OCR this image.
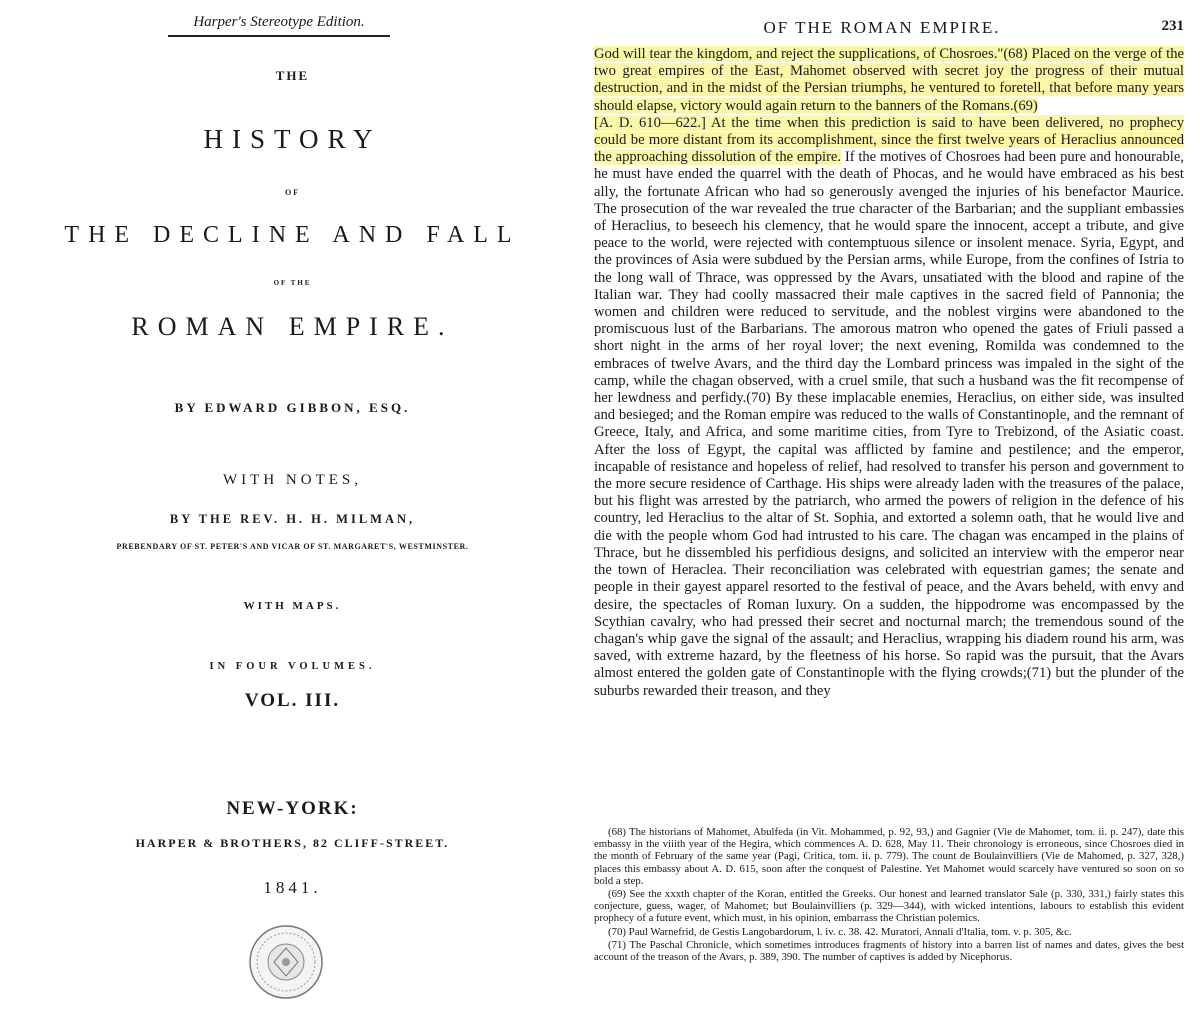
Harper's Stereotype Edition.
THE
HISTORY
OF
THE DECLINE AND FALL
OF THE
ROMAN EMPIRE.
BY EDWARD GIBBON, ESQ.
WITH NOTES,
BY THE REV. H. H. MILMAN,
PREBENDARY OF ST. PETER'S AND VICAR OF ST. MARGARET'S, WESTMINSTER.
WITH MAPS.
IN FOUR VOLUMES.
VOL. III.
NEW-YORK:
HARPER & BROTHERS, 82 CLIFF-STREET.
1841.
OF THE ROMAN EMPIRE.	231

God will tear the kingdom, and reject the supplications, of Chosroes."(68) Placed on the verge of the two great empires of the East, Mahomet observed with secret joy the progress of their mutual destruction, and in the midst of the Persian triumphs, he ventured to foretell, that before many years should elapse, victory would again return to the banners of the Romans.(69)

[A. D. 610—622.] At the time when this prediction is said to have been delivered, no prophecy could be more distant from its accomplishment, since the first twelve years of Heraclius announced the approaching dissolution of the empire. If the motives of Chosroes had been pure and honourable, he must have ended the quarrel with the death of Phocas, and he would have embraced as his best ally, the fortunate African who had so generously avenged the injuries of his benefactor Maurice. The prosecution of the war revealed the true character of the Barbarian; and the suppliant embassies of Heraclius, to beseech his clemency, that he would spare the innocent, accept a tribute, and give peace to the world, were rejected with contemptuous silence or insolent menace. Syria, Egypt, and the provinces of Asia were subdued by the Persian arms, while Europe, from the confines of Istria to the long wall of Thrace, was oppressed by the Avars, unsatiated with the blood and rapine of the Italian war. They had coolly massacred their male captives in the sacred field of Pannonia; the women and children were reduced to servitude, and the noblest virgins were abandoned to the promiscuous lust of the Barbarians. The amorous matron who opened the gates of Friuli passed a short night in the arms of her royal lover; the next evening, Romilda was condemned to the embraces of twelve Avars, and the third day the Lombard princess was impaled in the sight of the camp, while the chagan observed, with a cruel smile, that such a husband was the fit recompense of her lewdness and perfidy.(70) By these implacable enemies, Heraclius, on either side, was insulted and besieged; and the Roman empire was reduced to the walls of Constantinople, and the remnant of Greece, Italy, and Africa, and some maritime cities, from Tyre to Trebizond, of the Asiatic coast. After the loss of Egypt, the capital was afflicted by famine and pestilence; and the emperor, incapable of resistance and hopeless of relief, had resolved to transfer his person and government to the more secure residence of Carthage. His ships were already laden with the treasures of the palace, but his flight was arrested by the patriarch, who armed the powers of religion in the defence of his country, led Heraclius to the altar of St. Sophia, and extorted a solemn oath, that he would live and die with the people whom God had intrusted to his care. The chagan was encamped in the plains of Thrace, but he dissembled his perfidious designs, and solicited an interview with the emperor near the town of Heraclea. Their reconciliation was celebrated with equestrian games; the senate and people in their gayest apparel resorted to the festival of peace, and the Avars beheld, with envy and desire, the spectacles of Roman luxury. On a sudden, the hippodrome was encompassed by the Scythian cavalry, who had pressed their secret and nocturnal march; the tremendous sound of the chagan's whip gave the signal of the assault; and Heraclius, wrapping his diadem round his arm, was saved, with extreme hazard, by the fleetness of his horse. So rapid was the pursuit, that the Avars almost entered the golden gate of Constantinople with the flying crowds;(71) but the plunder of the suburbs rewarded their treason, and they

(68) The historians of Mahomet, Abulfeda (in Vit. Mohammed, p. 92, 93,) and Gagnier (Vie de Mahomet, tom. ii. p. 247), date this embassy in the viiith year of the Hegira, which commences A. D. 628, May 11. Their chronology is erroneous, since Chosroes died in the month of February of the same year (Pagi, Critica, tom. ii. p. 779). The count de Boulainvilliers (Vie de Mahomed, p. 327, 328,) places this embassy about A. D. 615, soon after the conquest of Palestine. Yet Mahomet would scarcely have ventured so soon on so bold a step.

(69) See the xxxth chapter of the Koran, entitled the Greeks. Our honest and learned translator Sale (p. 330, 331,) fairly states this conjecture, guess, wager, of Mahomet; but Boulainvilliers (p. 329—344), with wicked intentions, labours to establish this evident prophecy of a future event, which must, in his opinion, embarrass the Christian polemics.

(70) Paul Warnefrid, de Gestis Langobardorum, l. iv. c. 38. 42. Muratori, Annali d'Italia, tom. v. p. 305, &c.

(71) The Paschal Chronicle, which sometimes introduces fragments of history into a barren list of names and dates, gives the best account of the treason of the Avars, p. 389, 390. The number of captives is added by Nicephorus.
